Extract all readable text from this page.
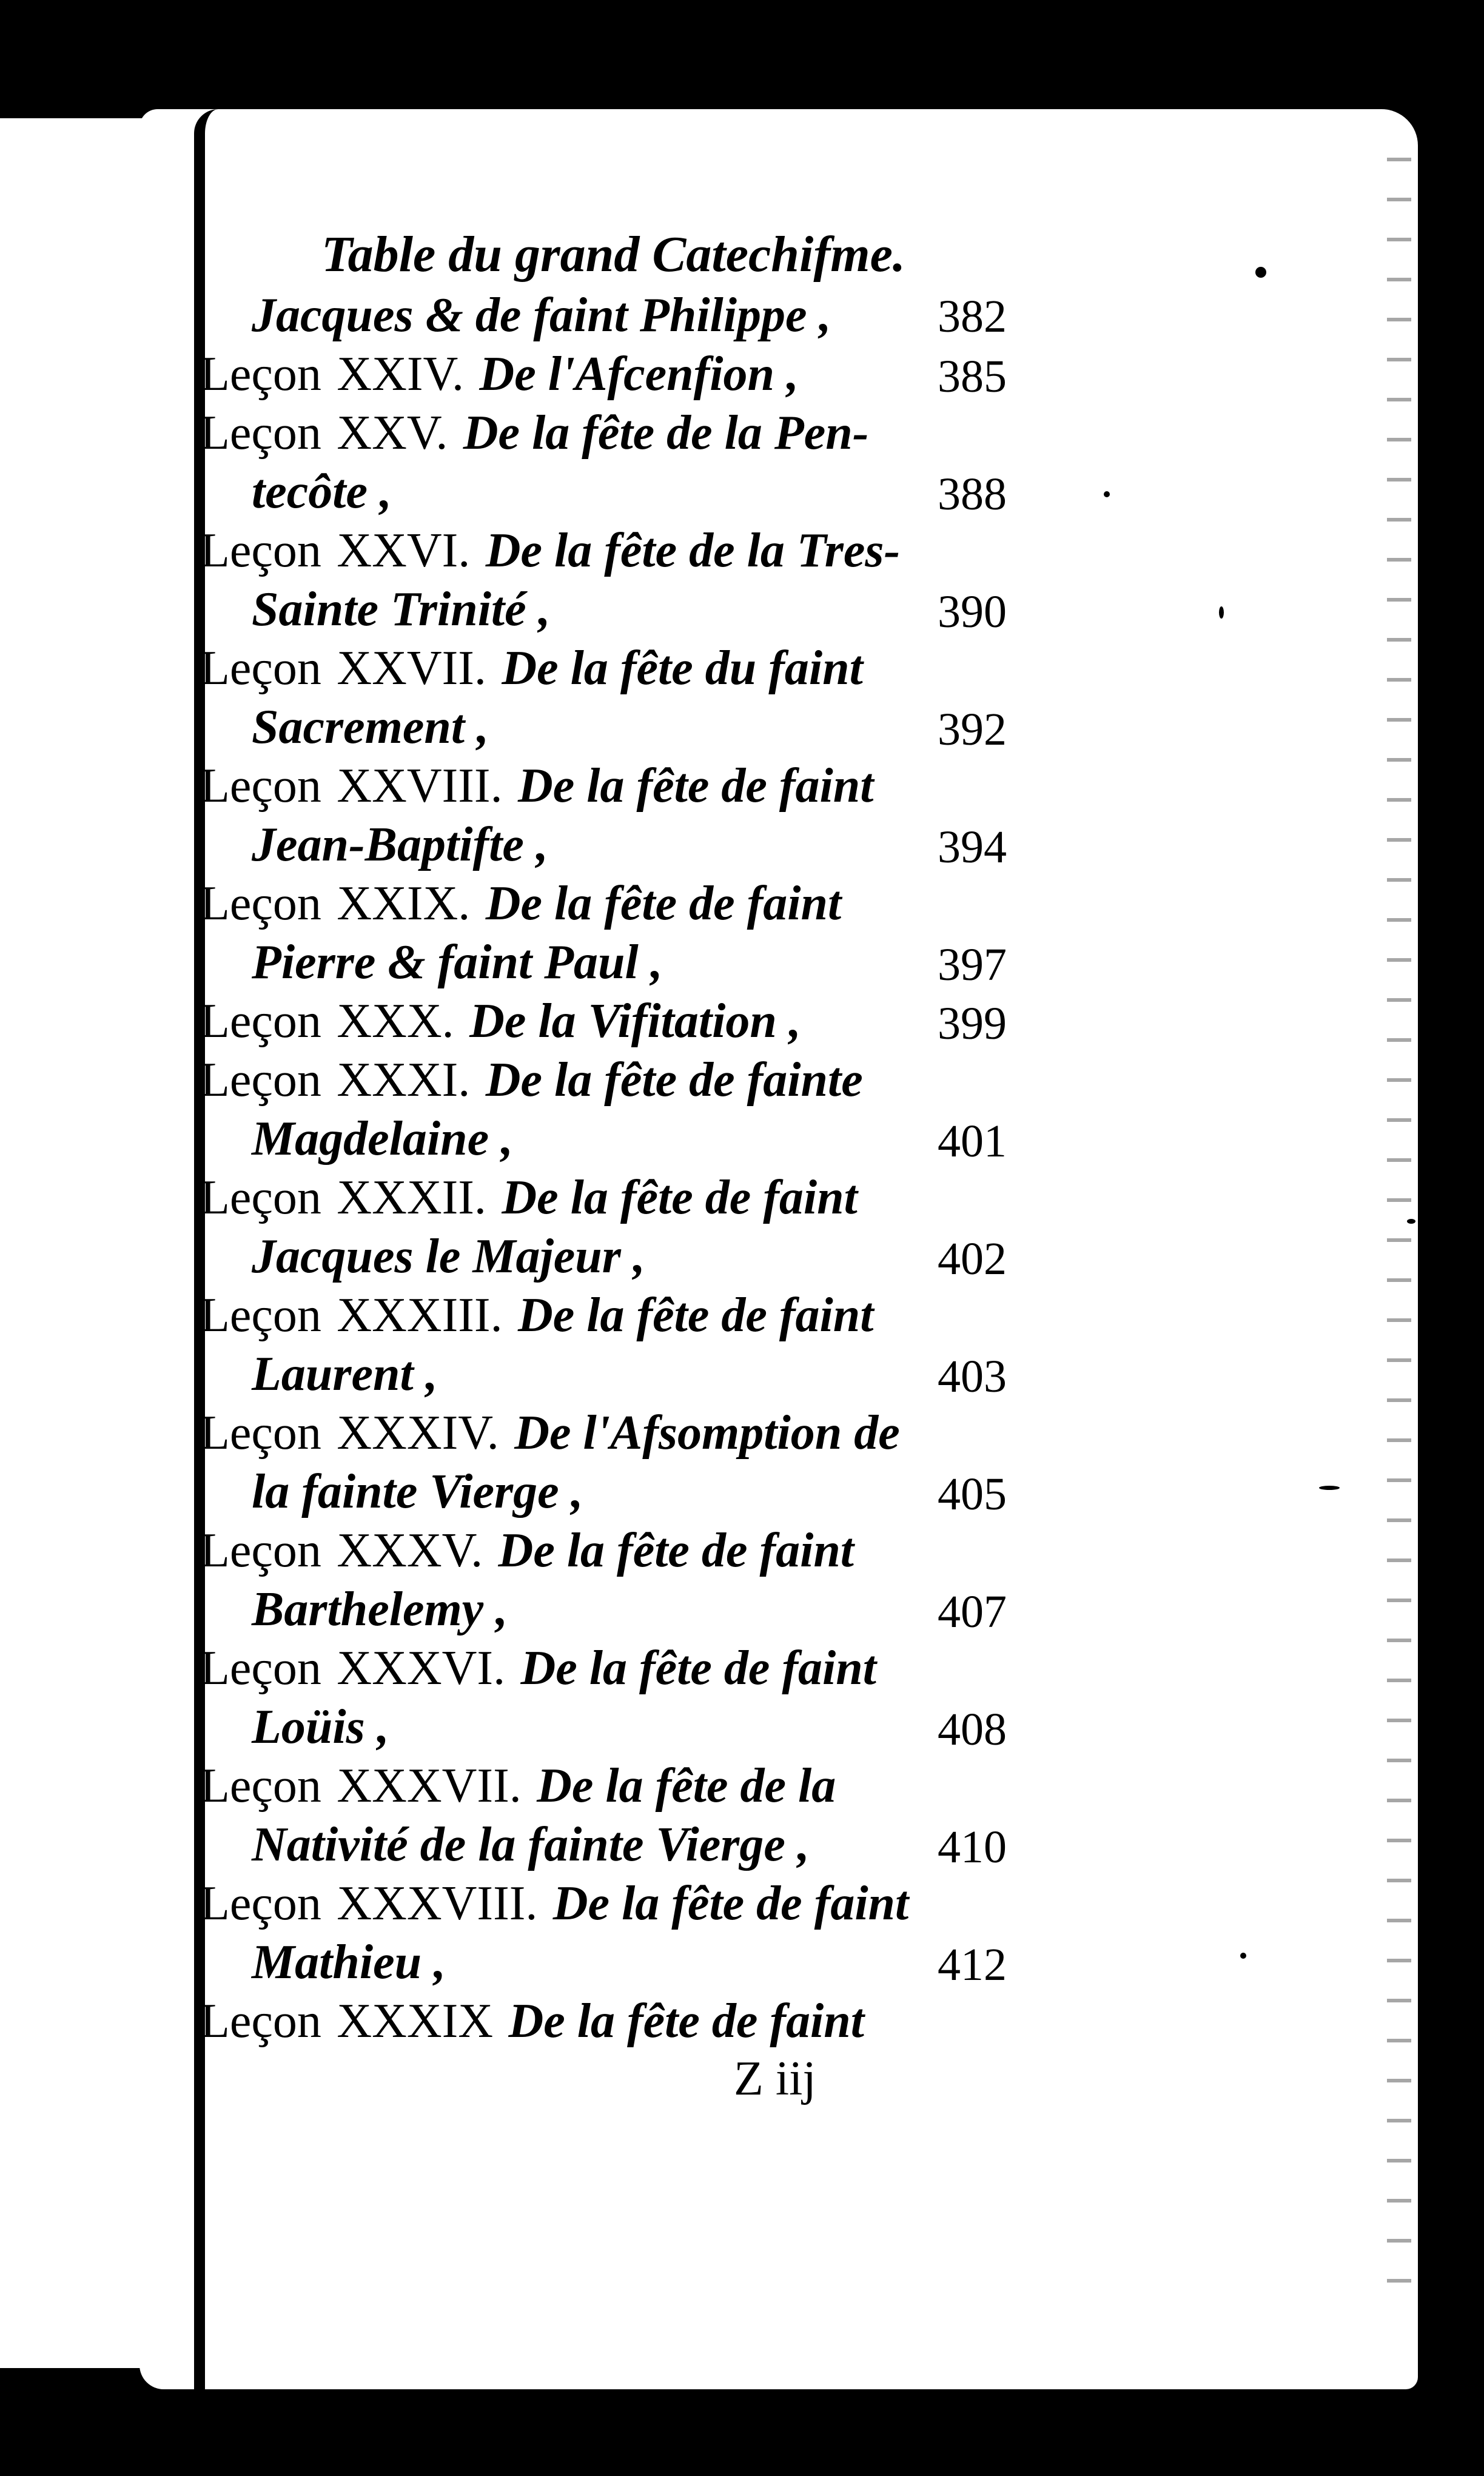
Table du grand Catechifme.
Jacques & de faint Philippe , 382
Leçon XXIV. De l'Afcenfion ,	385
Leçon XXV. De la fête de la Pen-
tecôte ,	388
Leçon XXVI. De la fête de la Tres-
Sainte Trinité ,	390
Leçon XXVII. De la fête du faint
Sacrement ,	392
Leçon XXVIII. De la fête de faint
Jean-Baptifte ,	394
Leçon XXIX. De la fête de faint
Pierre & faint Paul ,	397
Leçon XXX. De la Vifitation ,	399
Leçon XXXI. De la fête de fainte
Magdelaine ,	401
Leçon XXXII. De la fête de faint
Jacques le Majeur ,	402
Leçon XXXIII. De la fête de faint
Laurent ,	403
Leçon XXXIV. De l'Afsomption de
la fainte Vierge ,	405
Leçon XXXV. De la fête de faint
Barthelemy ,	407
Leçon XXXVI. De la fête de faint
Loüis ,	408
Leçon XXXVII. De la fête de la
Nativité de la fainte Vierge ,	410
Leçon XXXVIII. De la fête de faint
Mathieu ,	412
Leçon XXXIX De la fête de faint
Z iij
